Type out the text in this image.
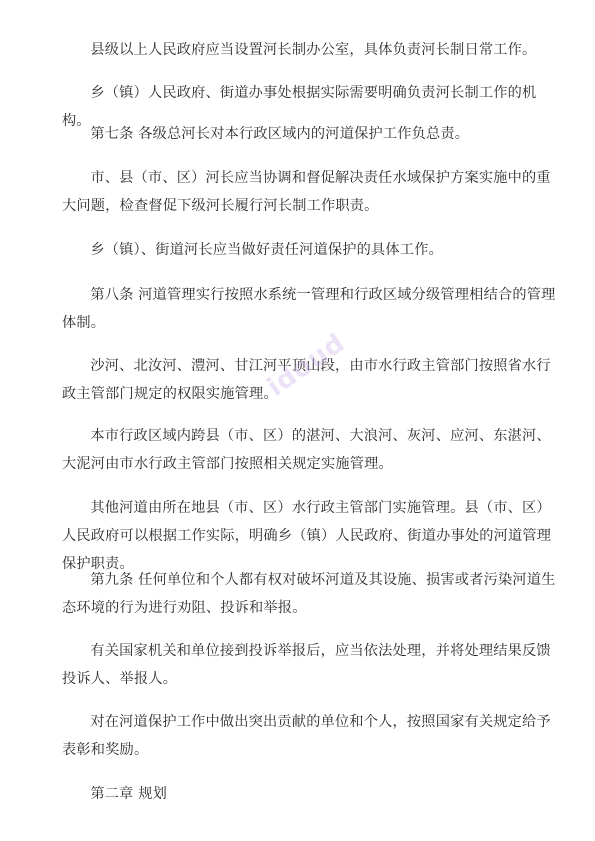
县级以上人民政府应当设置河长制办公室，具体负责河长制日常工作。

乡（镇）人民政府、街道办事处根据实际需要明确负责河长制工作的机构。

第七条 各级总河长对本行政区域内的河道保护工作负总责。

市、县（市、区）河长应当协调和督促解决责任水域保护方案实施中的重大问题，检查督促下级河长履行河长制工作职责。

乡（镇）、街道河长应当做好责任河道保护的具体工作。

第八条 河道管理实行按照水系统一管理和行政区域分级管理相结合的管理体制。

沙河、北汝河、澧河、甘江河平顶山段，由市水行政主管部门按照省水行政主管部门规定的权限实施管理。

本市行政区域内跨县（市、区）的湛河、大浪河、灰河、应河、东湛河、大泥河由市水行政主管部门按照相关规定实施管理。

其他河道由所在地县（市、区）水行政主管部门实施管理。县（市、区）人民政府可以根据工作实际，明确乡（镇）人民政府、街道办事处的河道管理保护职责。

第九条 任何单位和个人都有权对破坏河道及其设施、损害或者污染河道生态环境的行为进行劝阻、投诉和举报。

有关国家机关和单位接到投诉举报后，应当依法处理，并将处理结果反馈投诉人、举报人。

对在河道保护工作中做出突出贡献的单位和个人，按照国家有关规定给予表彰和奖励。

第二章 规划

idoud
